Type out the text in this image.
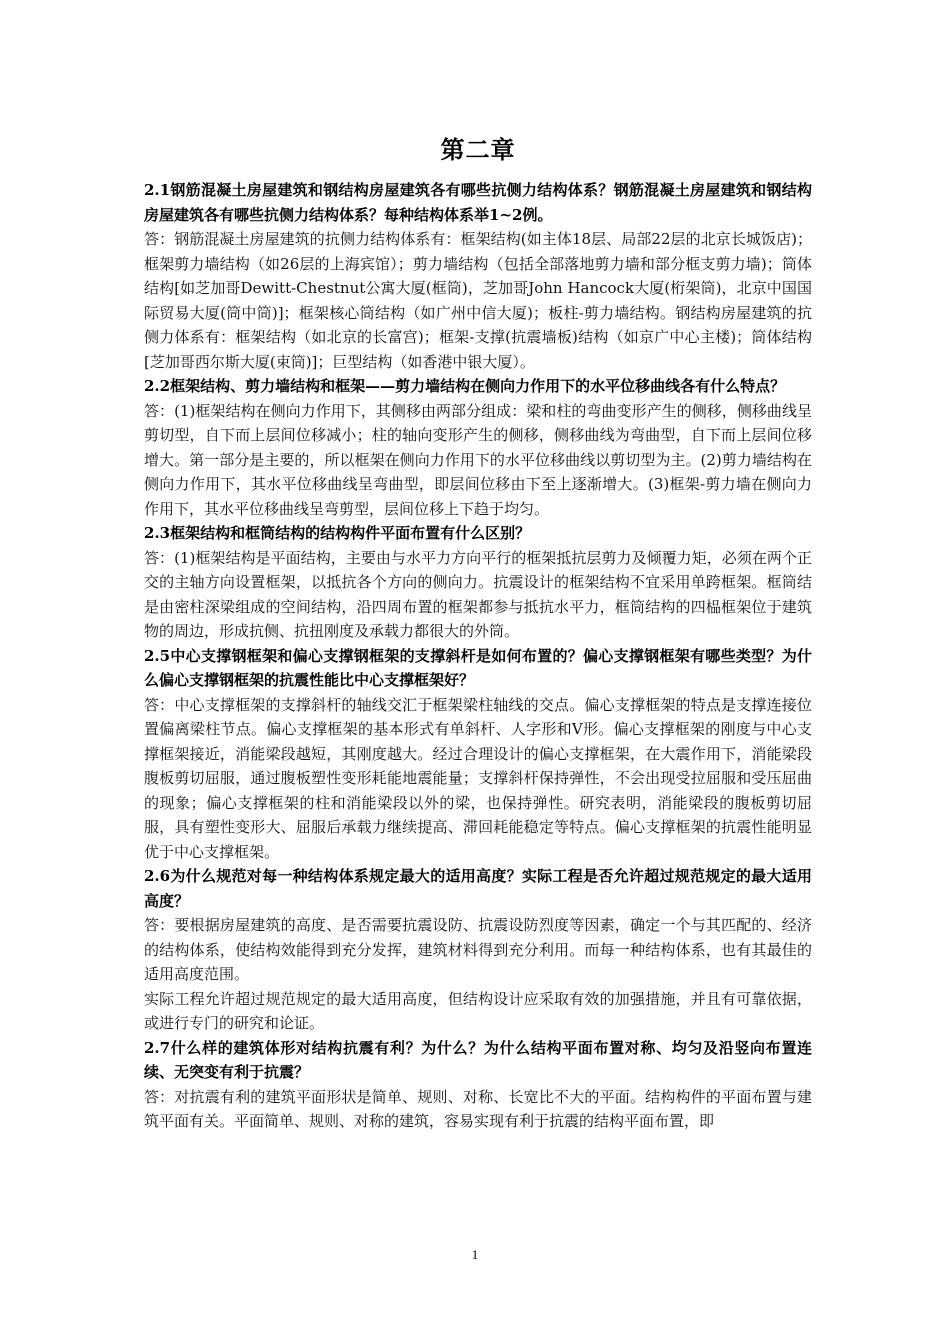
第二章

2.1钢筋混凝土房屋建筑和钢结构房屋建筑各有哪些抗侧力结构体系？钢筋混凝土房屋建筑和钢结构房屋建筑各有哪些抗侧力结构体系？每种结构体系举1~2例。

答：钢筋混凝土房屋建筑的抗侧力结构体系有：框架结构(如主体18层、局部22层的北京长城饭店)；框架剪力墙结构（如26层的上海宾馆）；剪力墙结构（包括全部落地剪力墙和部分框支剪力墙)；筒体结构[如芝加哥Dewitt-Chestnut公寓大厦(框筒)，芝加哥John Hancock大厦(桁架筒)，北京中国国际贸易大厦(筒中筒)]；框架核心筒结构（如广州中信大厦)；板柱-剪力墙结构。钢结构房屋建筑的抗侧力体系有：框架结构（如北京的长富宫)；框架-支撑(抗震墙板)结构（如京广中心主楼)；筒体结构[芝加哥西尔斯大厦(束筒)]；巨型结构（如香港中银大厦）。

2.2框架结构、剪力墙结构和框架——剪力墙结构在侧向力作用下的水平位移曲线各有什么特点？

答：(1)框架结构在侧向力作用下，其侧移由两部分组成：梁和柱的弯曲变形产生的侧移，侧移曲线呈剪切型，自下而上层间位移减小；柱的轴向变形产生的侧移，侧移曲线为弯曲型，自下而上层间位移增大。第一部分是主要的，所以框架在侧向力作用下的水平位移曲线以剪切型为主。(2)剪力墙结构在侧向力作用下，其水平位移曲线呈弯曲型，即层间位移由下至上逐渐增大。(3)框架-剪力墙在侧向力作用下，其水平位移曲线呈弯剪型，层间位移上下趋于均匀。

2.3框架结构和框筒结构的结构构件平面布置有什么区别？

答：(1)框架结构是平面结构，主要由与水平力方向平行的框架抵抗层剪力及倾覆力矩，必须在两个正交的主轴方向设置框架，以抵抗各个方向的侧向力。抗震设计的框架结构不宜采用单跨框架。框筒结是由密柱深梁组成的空间结构，沿四周布置的框架都参与抵抗水平力，框筒结构的四榀框架位于建筑物的周边，形成抗侧、抗扭刚度及承载力都很大的外筒。

2.5中心支撑钢框架和偏心支撑钢框架的支撑斜杆是如何布置的？偏心支撑钢框架有哪些类型？为什么偏心支撑钢框架的抗震性能比中心支撑框架好？

答：中心支撑框架的支撑斜杆的轴线交汇于框架梁柱轴线的交点。偏心支撑框架的特点是支撑连接位置偏离梁柱节点。偏心支撑框架的基本形式有单斜杆、人字形和V形。偏心支撑框架的刚度与中心支撑框架接近，消能梁段越短，其刚度越大。经过合理设计的偏心支撑框架，在大震作用下，消能梁段腹板剪切屈服，通过腹板塑性变形耗能地震能量；支撑斜杆保持弹性，不会出现受拉屈服和受压屈曲的现象；偏心支撑框架的柱和消能梁段以外的梁，也保持弹性。研究表明，消能梁段的腹板剪切屈服，具有塑性变形大、屈服后承载力继续提高、滞回耗能稳定等特点。偏心支撑框架的抗震性能明显优于中心支撑框架。

2.6为什么规范对每一种结构体系规定最大的适用高度？实际工程是否允许超过规范规定的最大适用高度？

答：要根据房屋建筑的高度、是否需要抗震设防、抗震设防烈度等因素，确定一个与其匹配的、经济的结构体系，使结构效能得到充分发挥，建筑材料得到充分利用。而每一种结构体系，也有其最佳的适用高度范围。

实际工程允许超过规范规定的最大适用高度，但结构设计应采取有效的加强措施，并且有可靠依据，或进行专门的研究和论证。

2.7什么样的建筑体形对结构抗震有利？为什么？为什么结构平面布置对称、均匀及沿竖向布置连续、无突变有利于抗震？

答：对抗震有利的建筑平面形状是简单、规则、对称、长宽比不大的平面。结构构件的平面布置与建筑平面有关。平面简单、规则、对称的建筑，容易实现有利于抗震的结构平面布置，即

1
